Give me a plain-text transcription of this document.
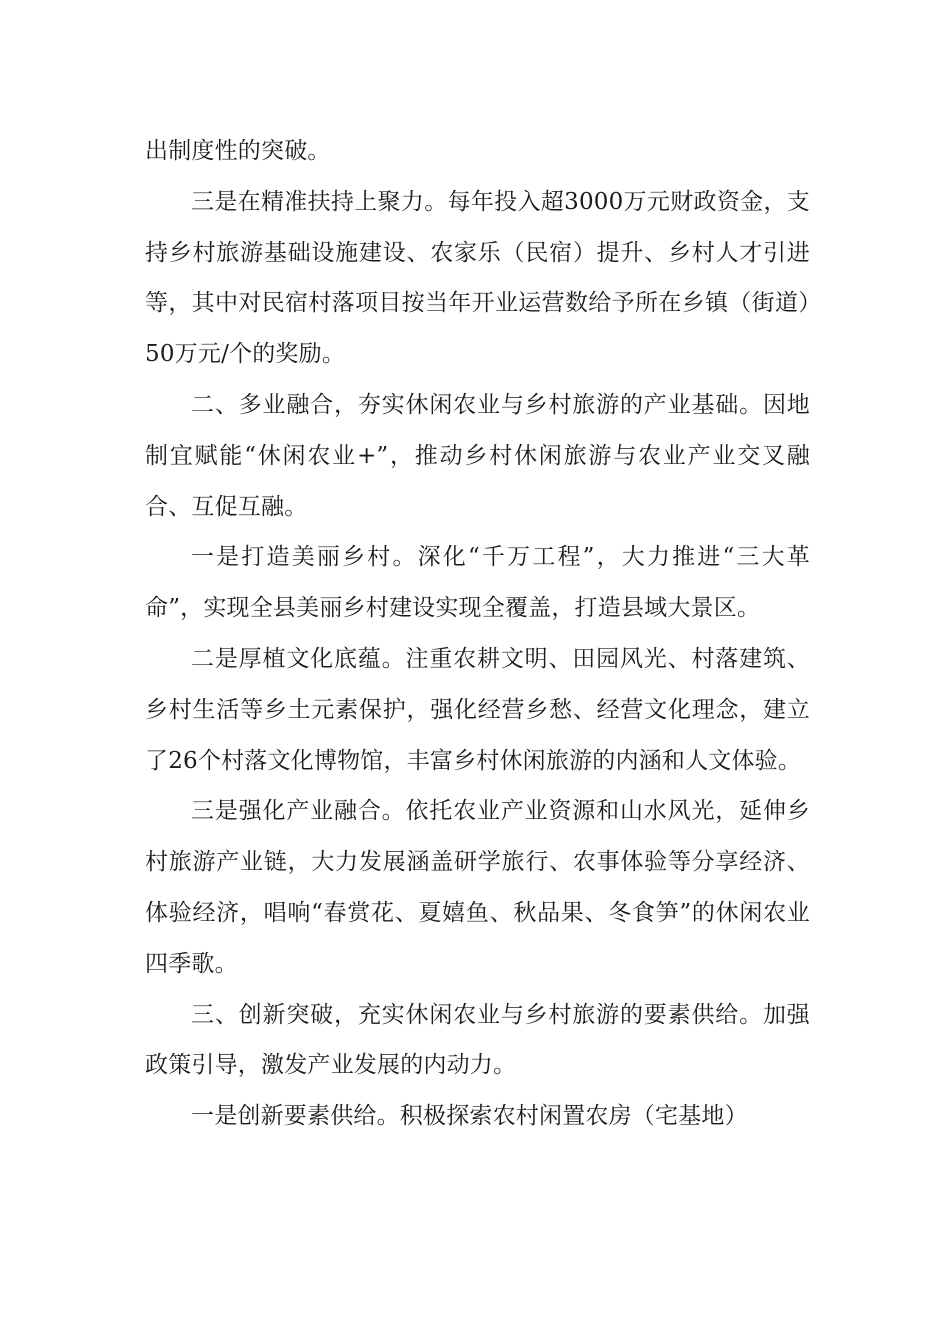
出制度性的突破。

三是在精准扶持上聚力。每年投入超3000万元财政资金，支持乡村旅游基础设施建设、农家乐（民宿）提升、乡村人才引进等，其中对民宿村落项目按当年开业运营数给予所在乡镇（街道）50万元/个的奖励。

二、多业融合，夯实休闲农业与乡村旅游的产业基础。因地制宜赋能“休闲农业+”，推动乡村休闲旅游与农业产业交叉融合、互促互融。

一是打造美丽乡村。深化“千万工程”，大力推进“三大革命”，实现全县美丽乡村建设实现全覆盖，打造县域大景区。

二是厚植文化底蕴。注重农耕文明、田园风光、村落建筑、乡村生活等乡土元素保护，强化经营乡愁、经营文化理念，建立了26个村落文化博物馆，丰富乡村休闲旅游的内涵和人文体验。

三是强化产业融合。依托农业产业资源和山水风光，延伸乡村旅游产业链，大力发展涵盖研学旅行、农事体验等分享经济、体验经济，唱响“春赏花、夏嬉鱼、秋品果、冬食笋”的休闲农业四季歌。

三、创新突破，充实休闲农业与乡村旅游的要素供给。加强政策引导，激发产业发展的内动力。

一是创新要素供给。积极探索农村闲置农房（宅基地）
